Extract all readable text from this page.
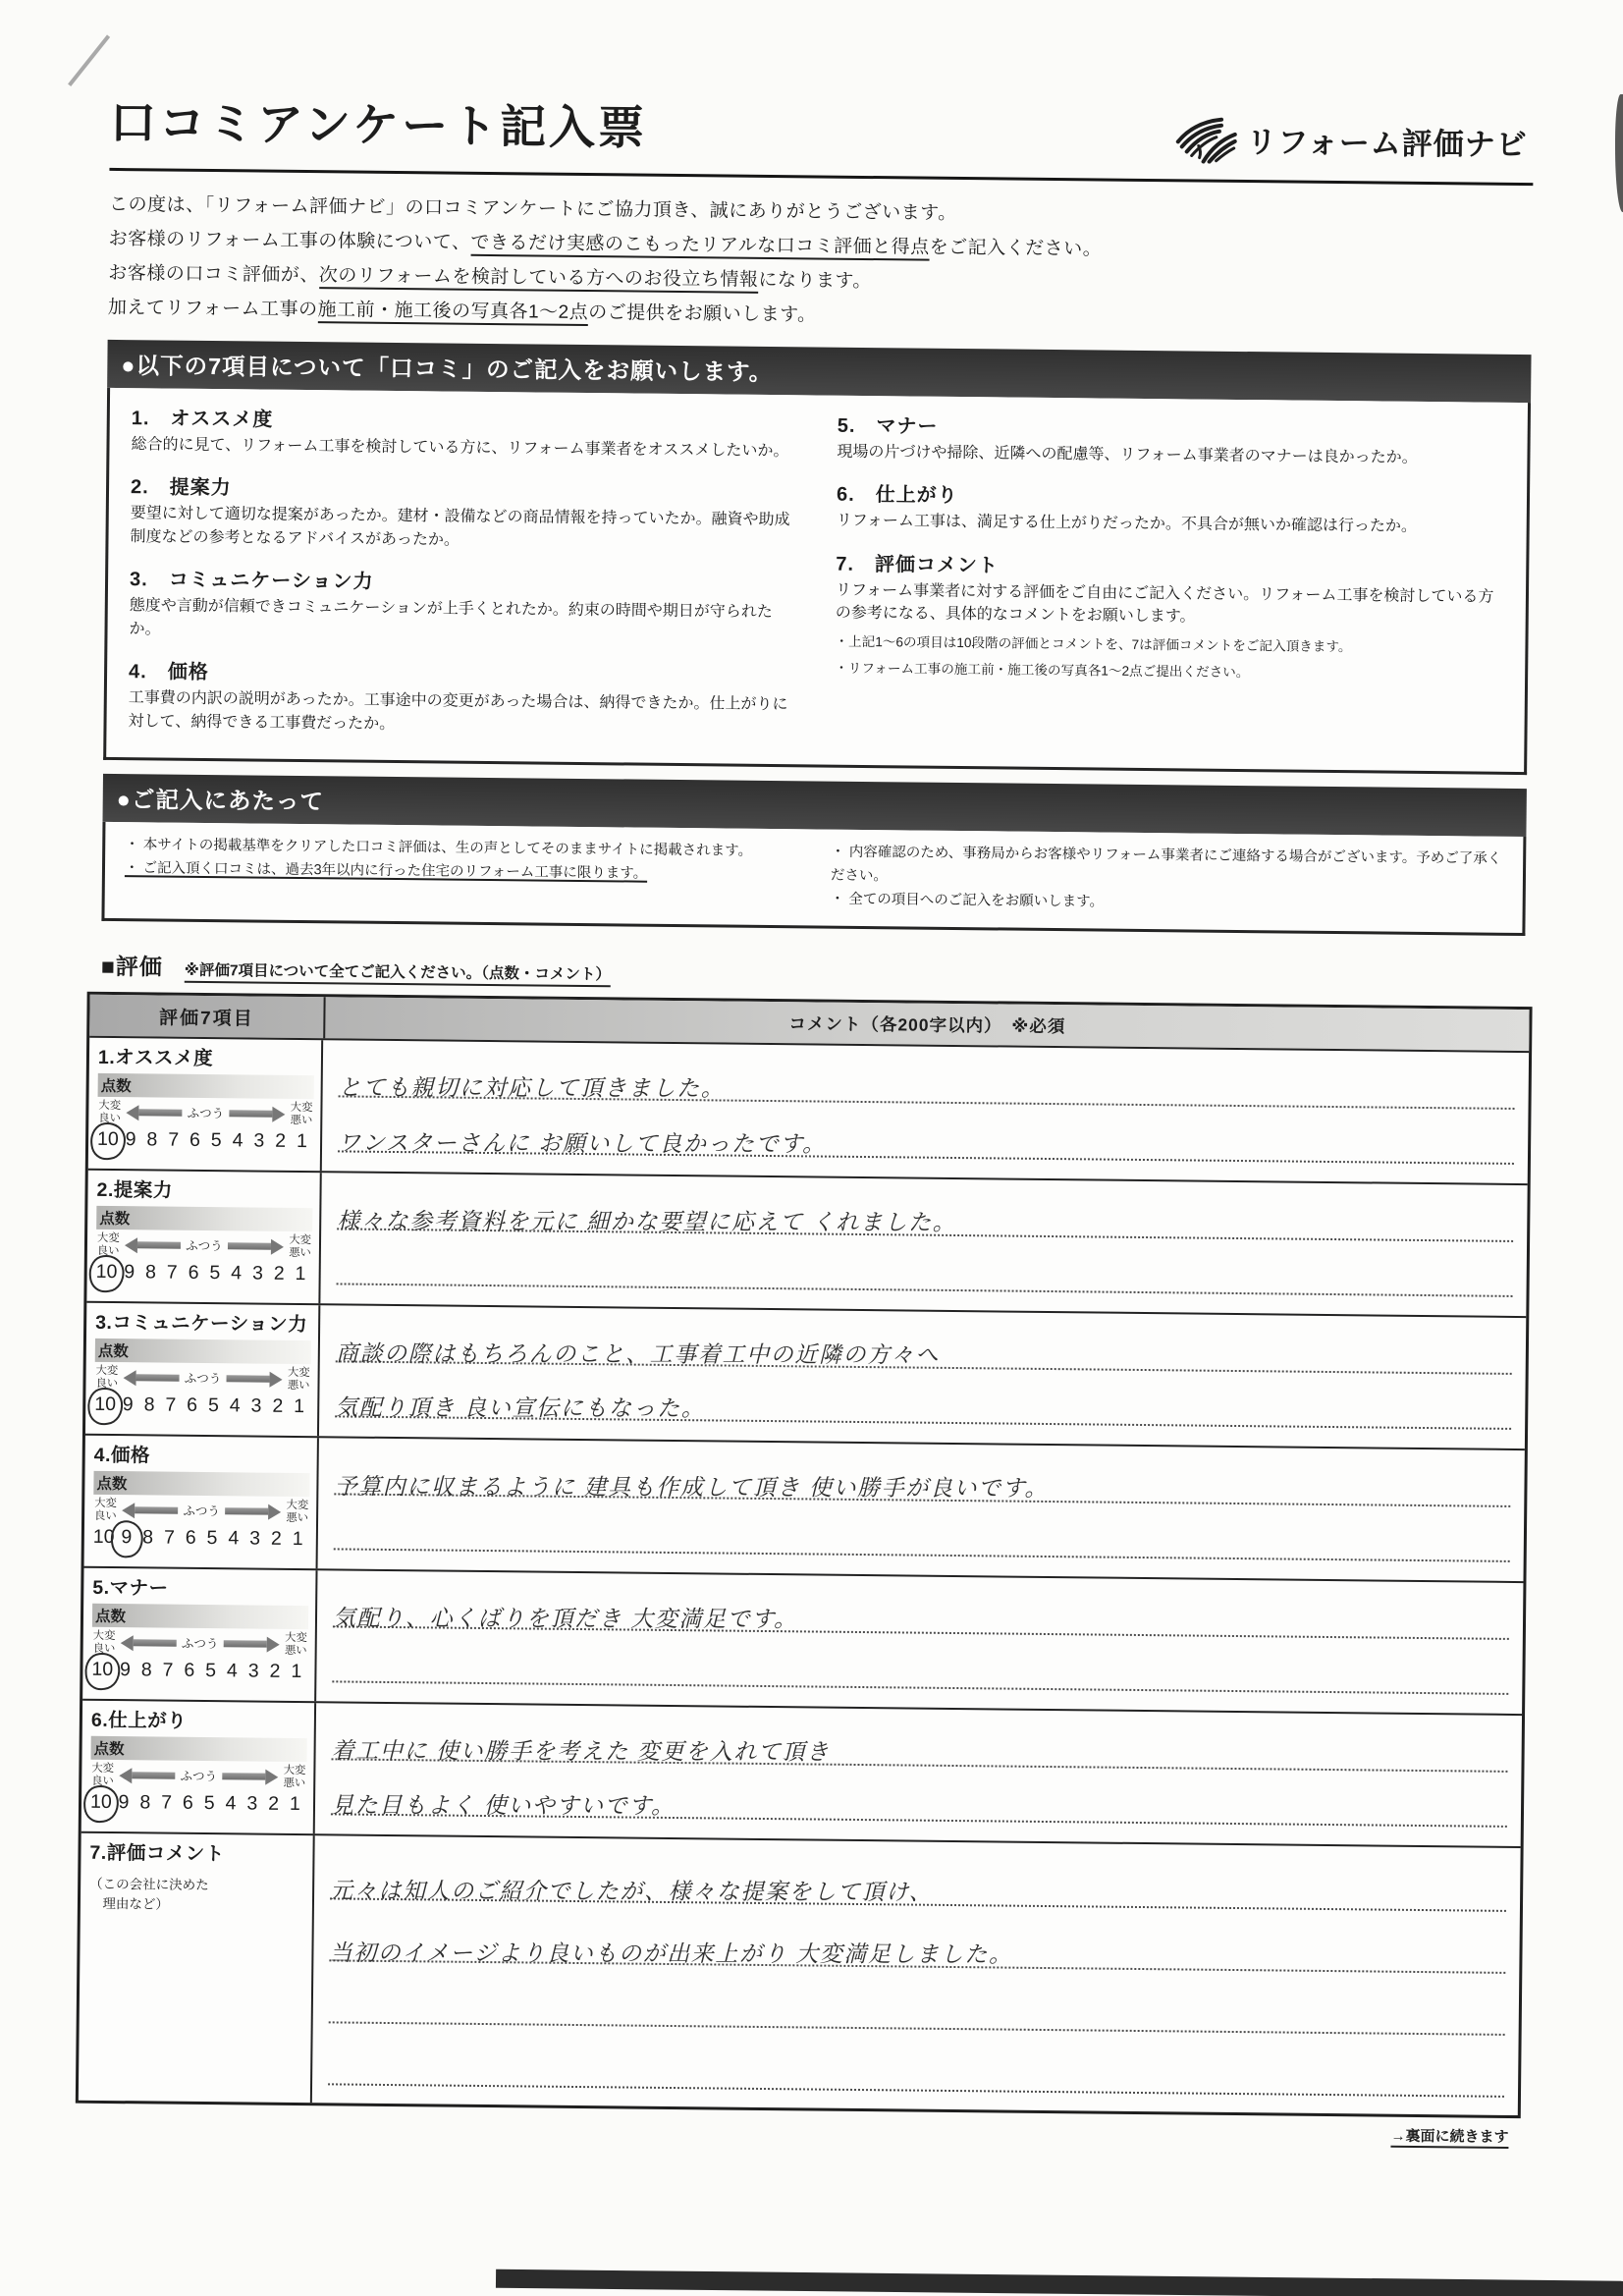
口コミアンケート記入票	リフォーム評価ナビ
この度は、「リフォーム評価ナビ」の口コミアンケートにご協力頂き、誠にありがとうございます。
お客様のリフォーム工事の体験について、できるだけ実感のこもったリアルな口コミ評価と得点をご記入ください。
お客様の口コミ評価が、次のリフォームを検討している方へのお役立ち情報になります。
加えてリフォーム工事の施工前・施工後の写真各1～2点のご提供をお願いします。
●以下の7項目について「口コミ」のご記入をお願いします。
1.　オススメ度
総合的に見て、リフォーム工事を検討している方に、リフォーム事業者をオススメしたいか。
2.　提案力
要望に対して適切な提案があったか。建材・設備などの商品情報を持っていたか。融資や助成制度などの参考となるアドバイスがあったか。
3.　コミュニケーション力
態度や言動が信頼できコミュニケーションが上手くとれたか。約束の時間や期日が守られたか。
4.　価格
工事費の内訳の説明があったか。工事途中の変更があった場合は、納得できたか。仕上がりに対して、納得できる工事費だったか。
5.　マナー
現場の片づけや掃除、近隣への配慮等、リフォーム事業者のマナーは良かったか。
6.　仕上がり
リフォーム工事は、満足する仕上がりだったか。不具合が無いか確認は行ったか。
7.　評価コメント
リフォーム事業者に対する評価をご自由にご記入ください。リフォーム工事を検討している方の参考になる、具体的なコメントをお願いします。
・上記1～6の項目は10段階の評価とコメントを、7は評価コメントをご記入頂きます。
・リフォーム工事の施工前・施工後の写真各1～2点ご提出ください。
●ご記入にあたって
・ 本サイトの掲載基準をクリアした口コミ評価は、生の声としてそのままサイトに掲載されます。
・ ご記入頂く口コミは、過去3年以内に行った住宅のリフォーム工事に限ります。
・ 内容確認のため、事務局からお客様やリフォーム事業者にご連絡する場合がございます。予めご了承ください。
・ 全ての項目へのご記入をお願いします。
■評価 ※評価7項目について全てご記入ください。（点数・コメント）
評価7項目	コメント（各200字以内）　※必須
1.オススメ度
点数
大変
良い	ふつう	大変
悪い
10 9 8 7 6 5 4 3 2 1
とても親切に対応して頂きました。
ワンスターさんに お願いして良かったです。
2.提案力
点数
大変
良い	ふつう	大変
悪い
10 9 8 7 6 5 4 3 2 1
様々な参考資料を元に 細かな要望に応えて くれました。
3.コミュニケーション力
点数
大変
良い	ふつう	大変
悪い
10 9 8 7 6 5 4 3 2 1
商談の際はもちろんのこと、工事着工中の近隣の方々へ
気配り頂き 良い宣伝にもなった。
4.価格
点数
大変
良い	ふつう	大変
悪い
10 9 8 7 6 5 4 3 2 1
予算内に収まるように 建具も作成して頂き 使い勝手が良いです。
5.マナー
点数
大変
良い	ふつう	大変
悪い
10 9 8 7 6 5 4 3 2 1
気配り、心くばりを頂だき 大変満足です。
6.仕上がり
点数
大変
良い	ふつう	大変
悪い
10 9 8 7 6 5 4 3 2 1
着工中に 使い勝手を考えた 変更を入れて頂き
見た目もよく 使いやすいです。
7.評価コメント
（この会社に決めた
　理由など）	元々は知人のご紹介でしたが、様々な提案をして頂け、
当初のイメージより良いものが出来上がり 大変満足しました。
→裏面に続きます
